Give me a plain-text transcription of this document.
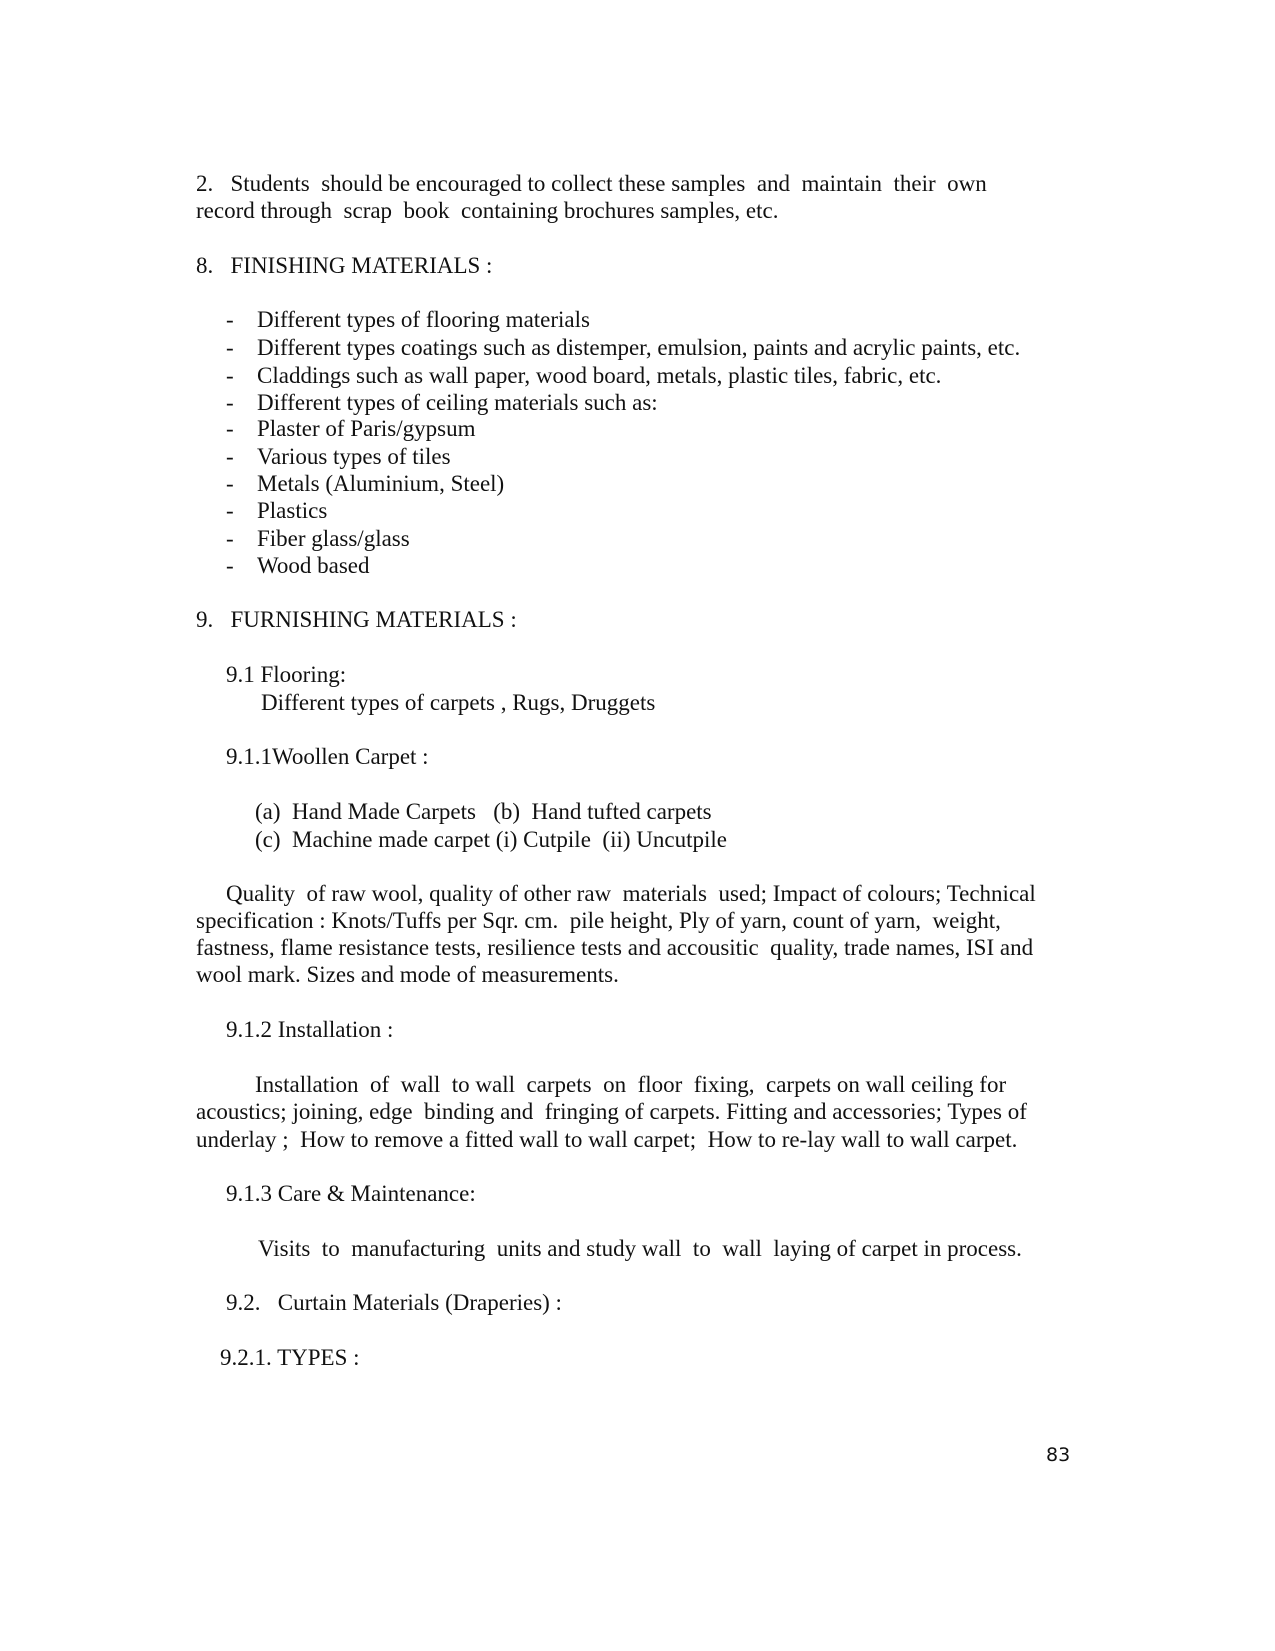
2.   Students  should be encouraged to collect these samples  and  maintain  their  own
record through  scrap  book  containing brochures samples, etc.
8.   FINISHING MATERIALS :
- Different types of flooring materials
- Different types coatings such as distemper, emulsion, paints and acrylic paints, etc.
- Claddings such as wall paper, wood board, metals, plastic tiles, fabric, etc.
- Different types of ceiling materials such as:
- Plaster of Paris/gypsum
- Various types of tiles
- Metals (Aluminium, Steel)
- Plastics
- Fiber glass/glass
- Wood based
9.   FURNISHING MATERIALS :
9.1 Flooring:
Different types of carpets , Rugs, Druggets
9.1.1Woollen Carpet :
(a)  Hand Made Carpets   (b)  Hand tufted carpets
(c)  Machine made carpet (i) Cutpile  (ii) Uncutpile
Quality  of raw wool, quality of other raw  materials  used; Impact of colours; Technical
specification : Knots/Tuffs per Sqr. cm.  pile height, Ply of yarn, count of yarn,  weight,
fastness, flame resistance tests, resilience tests and accousitic  quality, trade names, ISI and
wool mark. Sizes and mode of measurements.
9.1.2 Installation :
Installation  of  wall  to wall  carpets  on  floor  fixing,  carpets on wall ceiling for
acoustics; joining, edge  binding and  fringing of carpets. Fitting and accessories; Types of
underlay ;  How to remove a fitted wall to wall carpet;  How to re-lay wall to wall carpet.
9.1.3 Care & Maintenance:
Visits  to  manufacturing  units and study wall  to  wall  laying of carpet in process.
9.2.   Curtain Materials (Draperies) :
9.2.1. TYPES :
83
